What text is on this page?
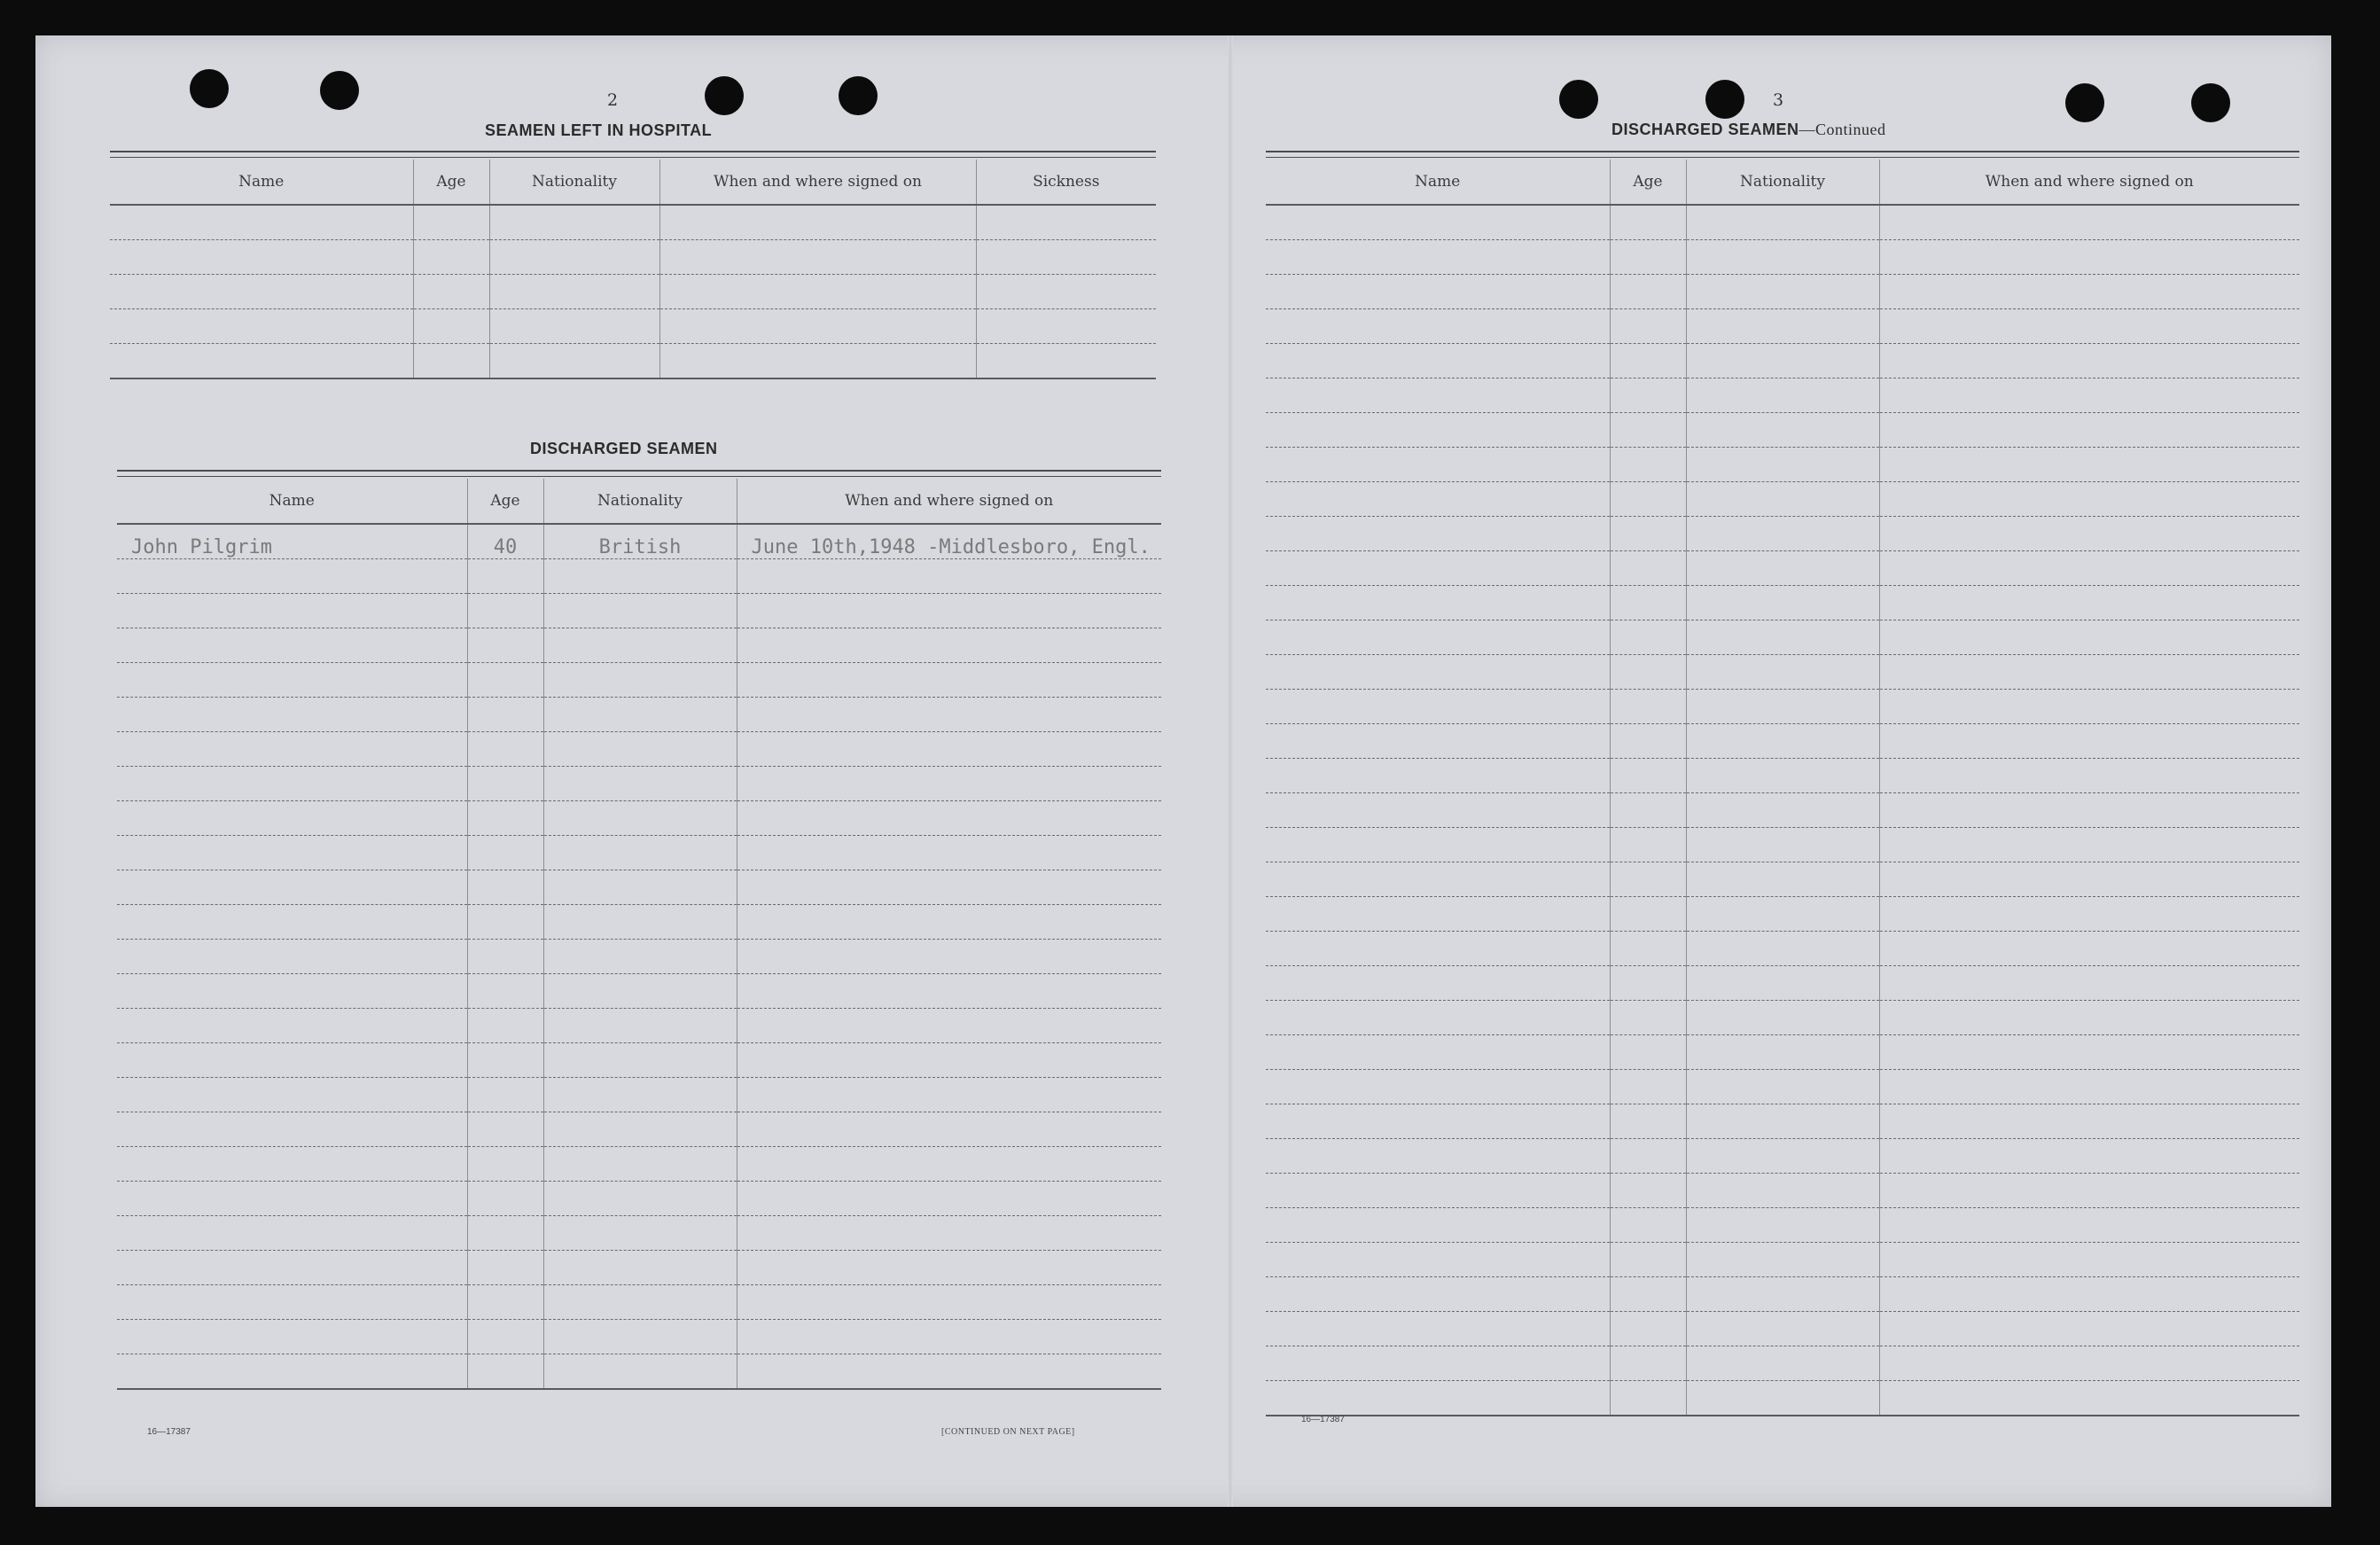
2
SEAMEN LEFT IN HOSPITAL
Name	Age	Nationality	When and where signed on	Sickness

DISCHARGED SEAMEN
Name	Age	Nationality	When and where signed on
John Pilgrim	40	British	June 10th,1948 -Middlesboro, Engl.

16—17387	[CONTINUED ON NEXT PAGE]
3
DISCHARGED SEAMEN—Continued
Name	Age	Nationality	When and where signed on

16—17387
